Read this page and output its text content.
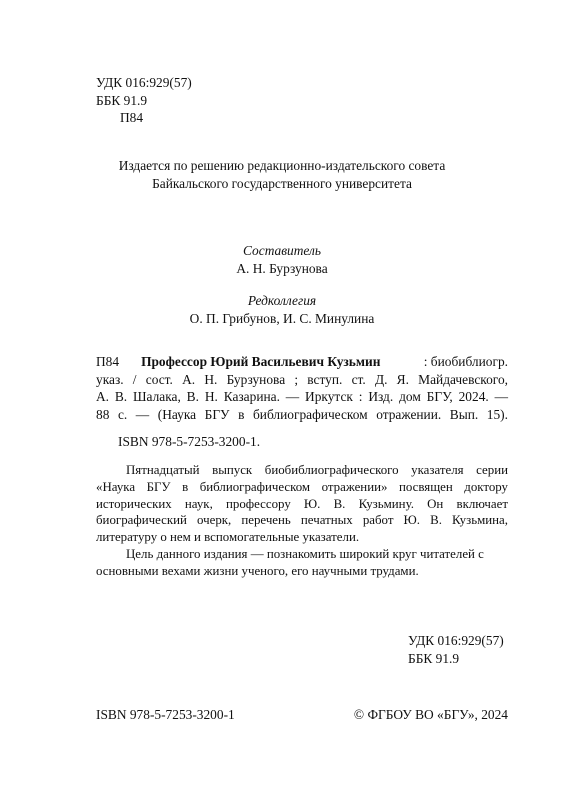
УДК 016:929(57)
ББК 91.9
П84
Издается по решению редакционно-издательского совета
Байкальского государственного университета
Составитель
А. Н. Бурзунова
Редколлегия
О. П. Грибунов, И. С. Минулина
П84 Профессор Юрий Васильевич Кузьмин	: биобиблиогр.
указ. / сост. А. Н. Бурзунова ; вступ. ст. Д. Я. Майдачевского,
А. В. Шалака, В. Н. Казарина. — Иркутск : Изд. дом БГУ, 2024. —
88 с. — (Наука БГУ в библиографическом отражении. Вып. 15).
ISBN 978-5-7253-3200-1.

Пятнадцатый выпуск биобиблиографического указателя серии «Наука БГУ в библиографическом отражении» посвящен доктору исторических наук, профессору Ю. В. Кузьмину. Он включает биографический очерк, перечень печатных работ Ю. В. Кузьмина, литературу о нем и вспомогательные указатели.

Цель данного издания — познакомить широкий круг читателей с основными вехами жизни ученого, его научными трудами.

УДК 016:929(57)
ББК 91.9
ISBN 978-5-7253-3200-1	© ФГБОУ ВО «БГУ», 2024
